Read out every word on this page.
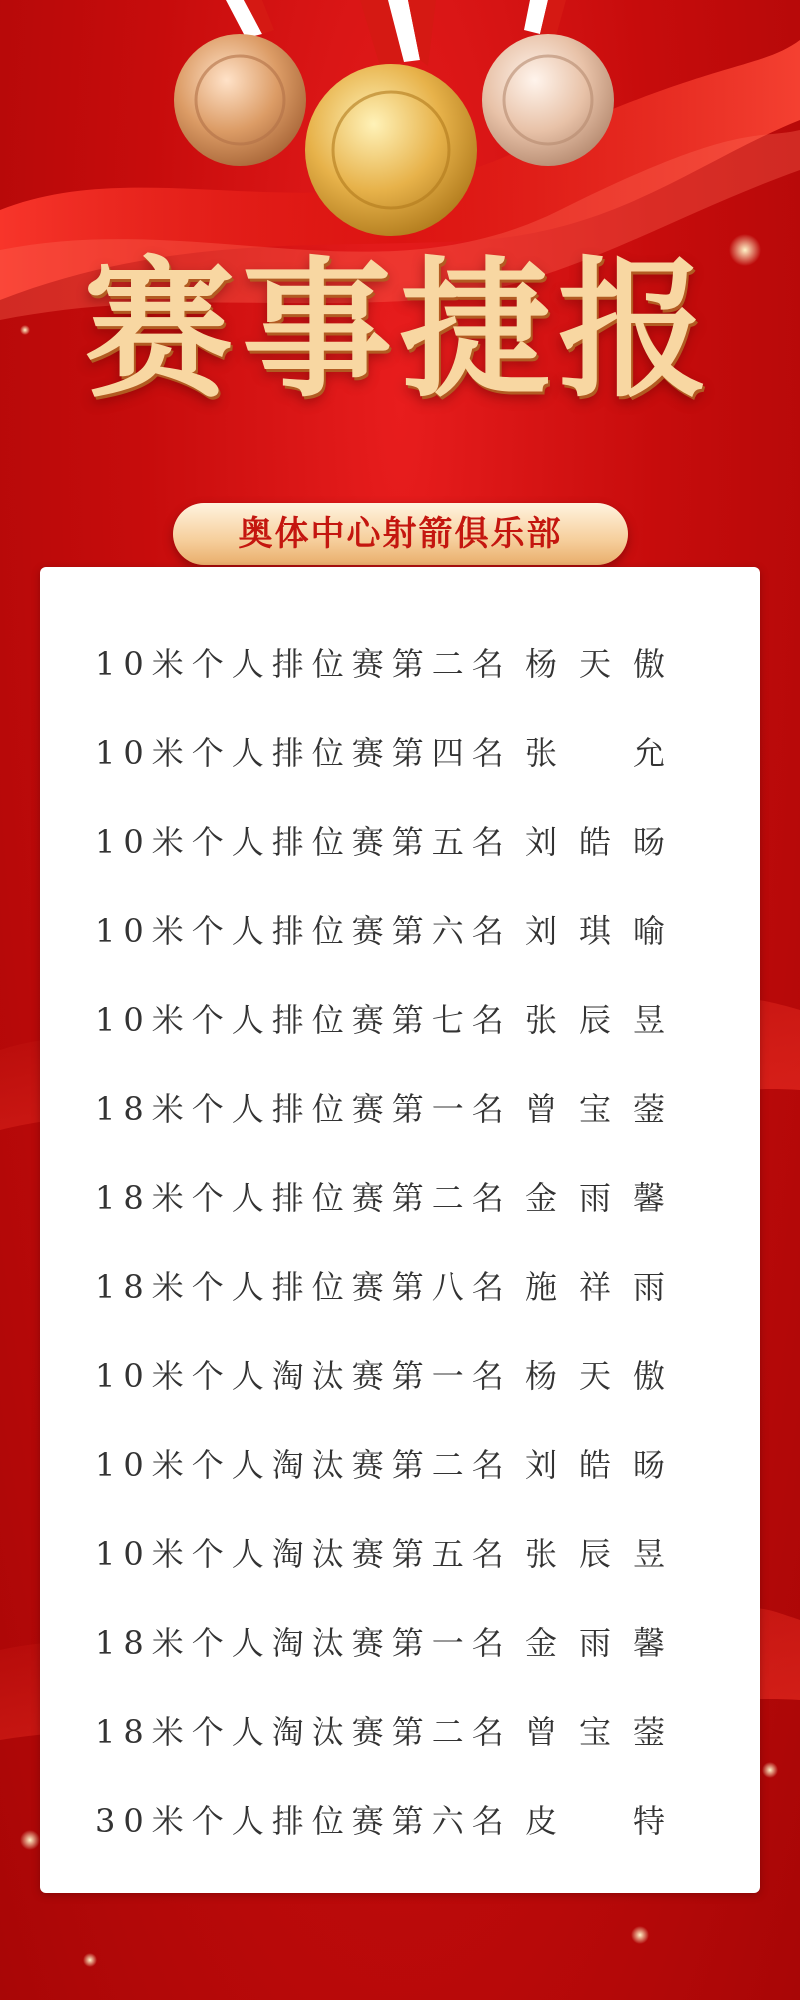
赛事捷报
奥体中心射箭俱乐部
10米个人排位赛第二名 杨 天 傲
10米个人排位赛第四名 张 允
10米个人排位赛第五名 刘 皓 旸
10米个人排位赛第六名 刘 琪 喻
10米个人排位赛第七名 张 辰 昱
18米个人排位赛第一名 曾 宝 蓥
18米个人排位赛第二名 金 雨 馨
18米个人排位赛第八名 施 祥 雨
10米个人淘汰赛第一名 杨 天 傲
10米个人淘汰赛第二名 刘 皓 旸
10米个人淘汰赛第五名 张 辰 昱
18米个人淘汰赛第一名 金 雨 馨
18米个人淘汰赛第二名 曾 宝 蓥
30米个人排位赛第六名 皮 特
